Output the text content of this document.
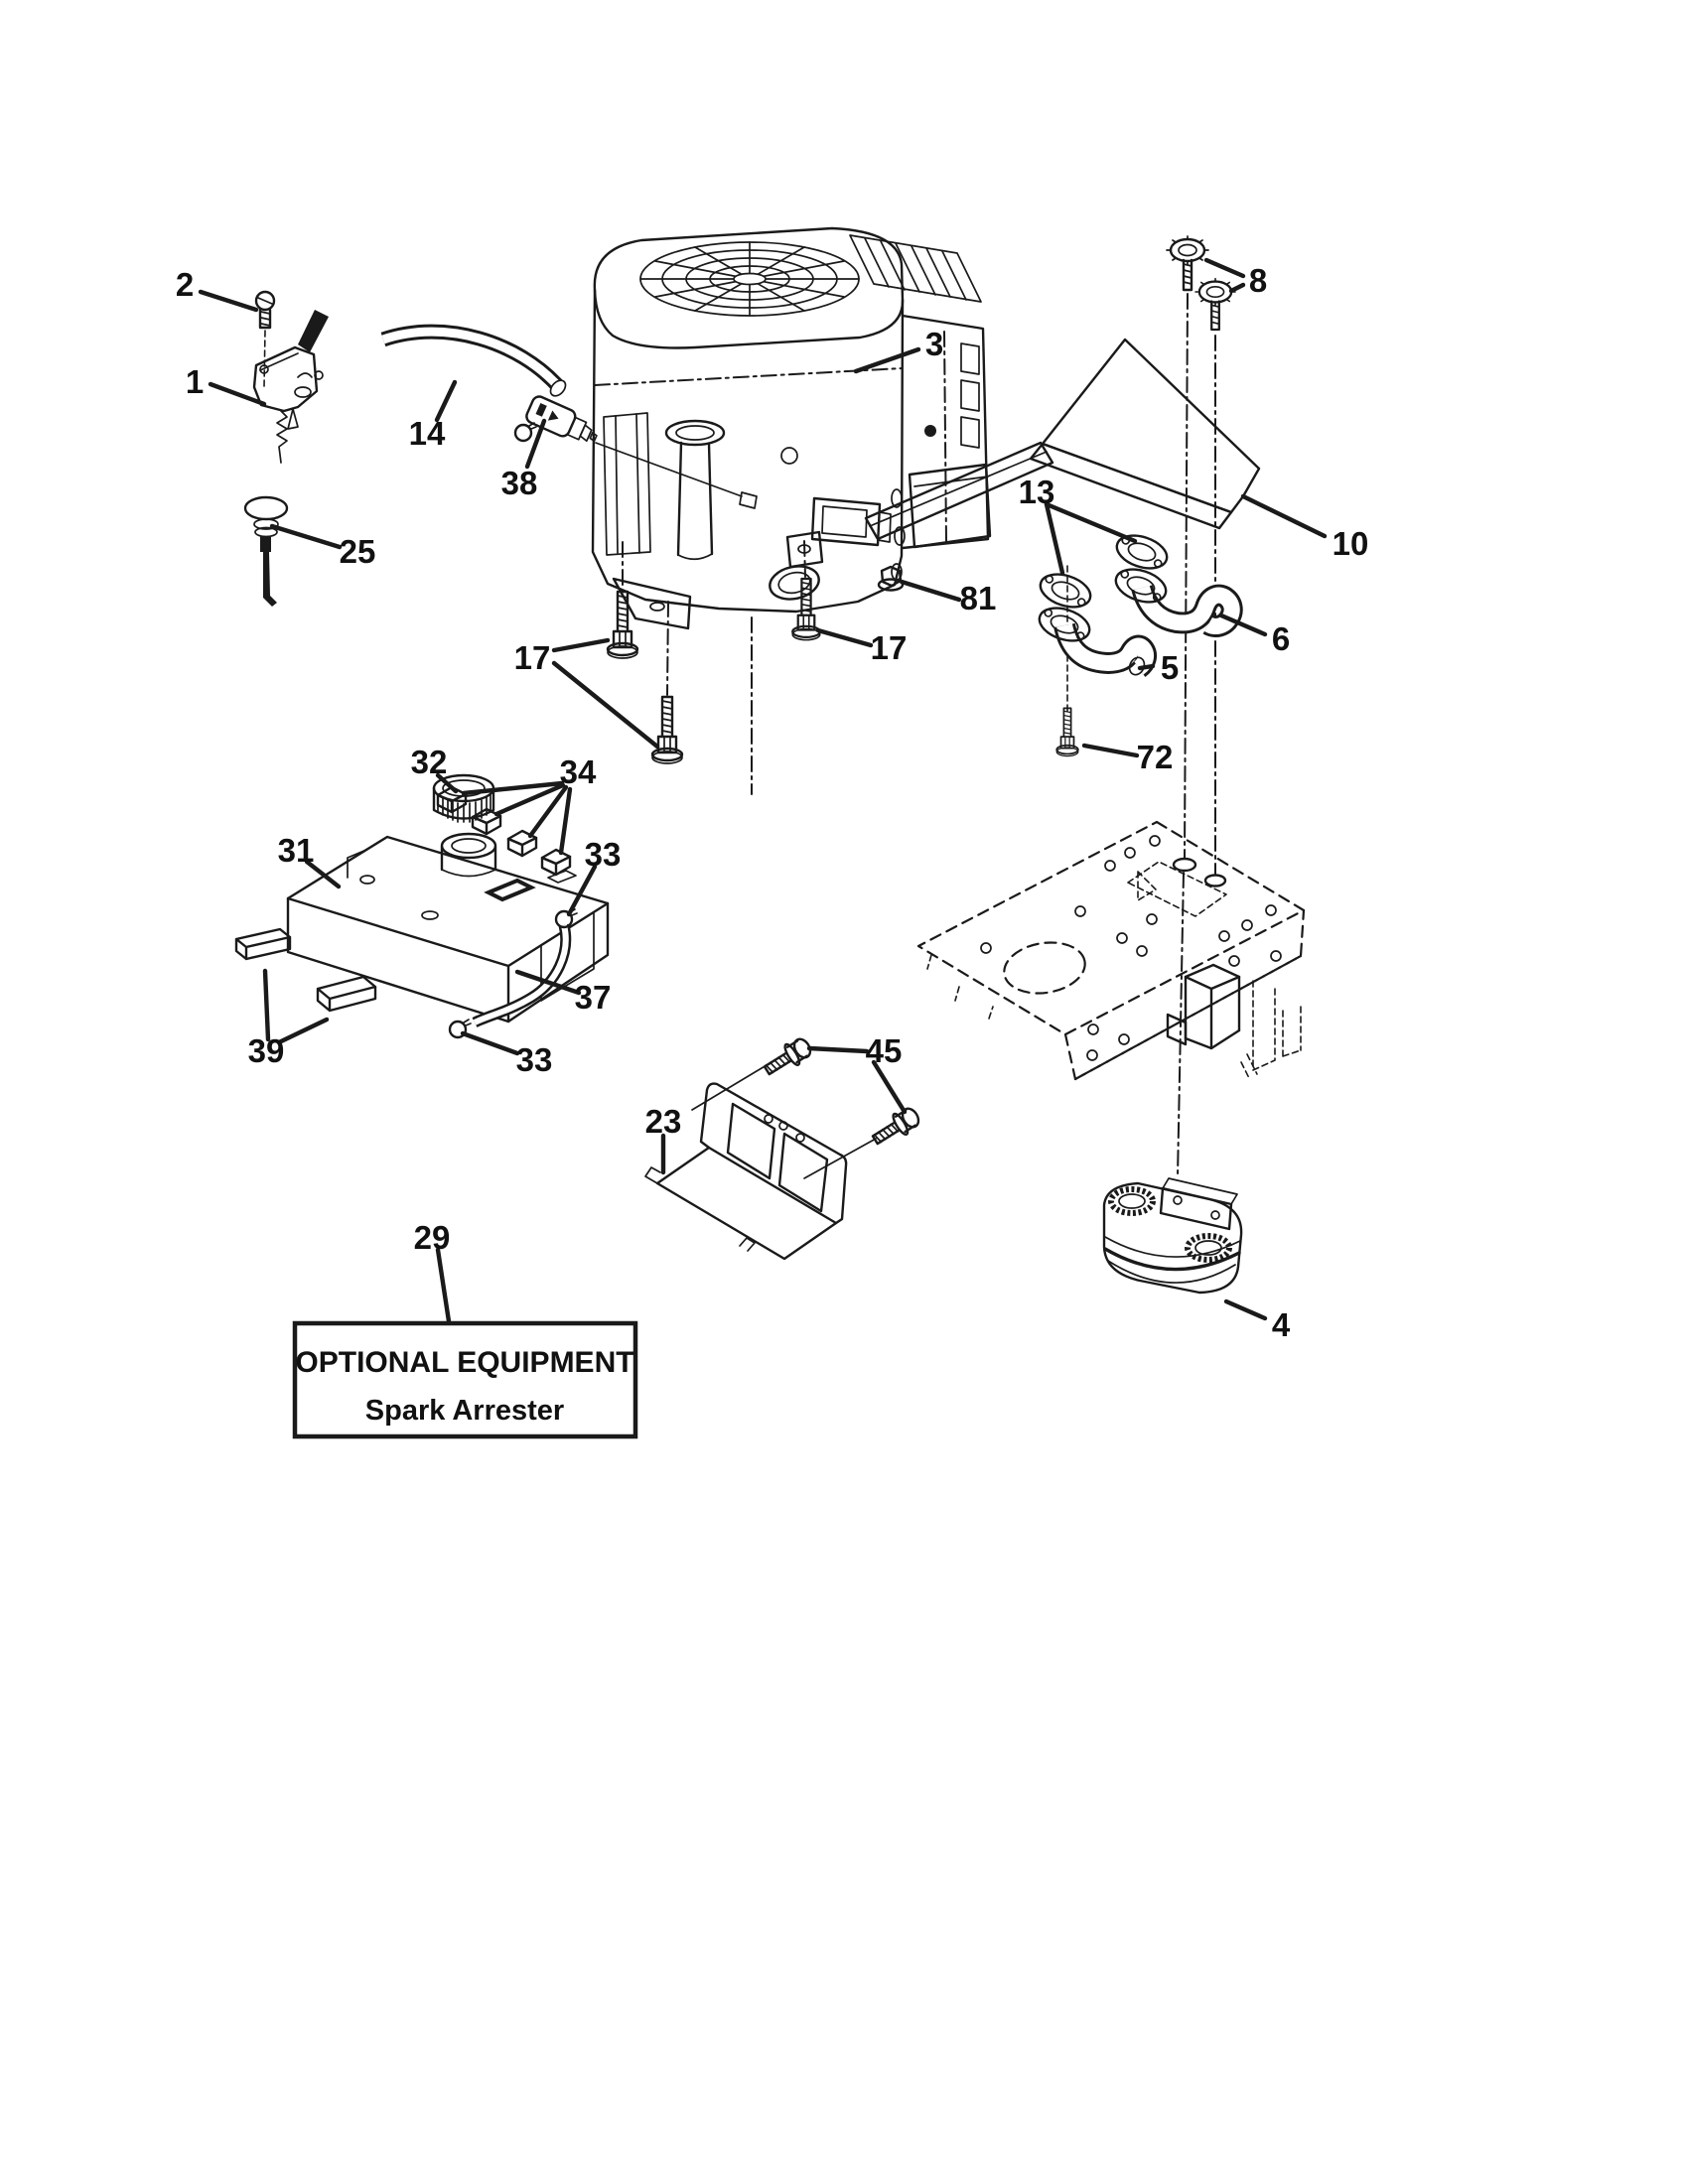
OPTIONAL EQUIPMENT
Spark Arrester
2
1
14
38
25
3
8
10
13
6
5
81
17	17
72
32	34
31	33
37
39	33
23
45
29
4
